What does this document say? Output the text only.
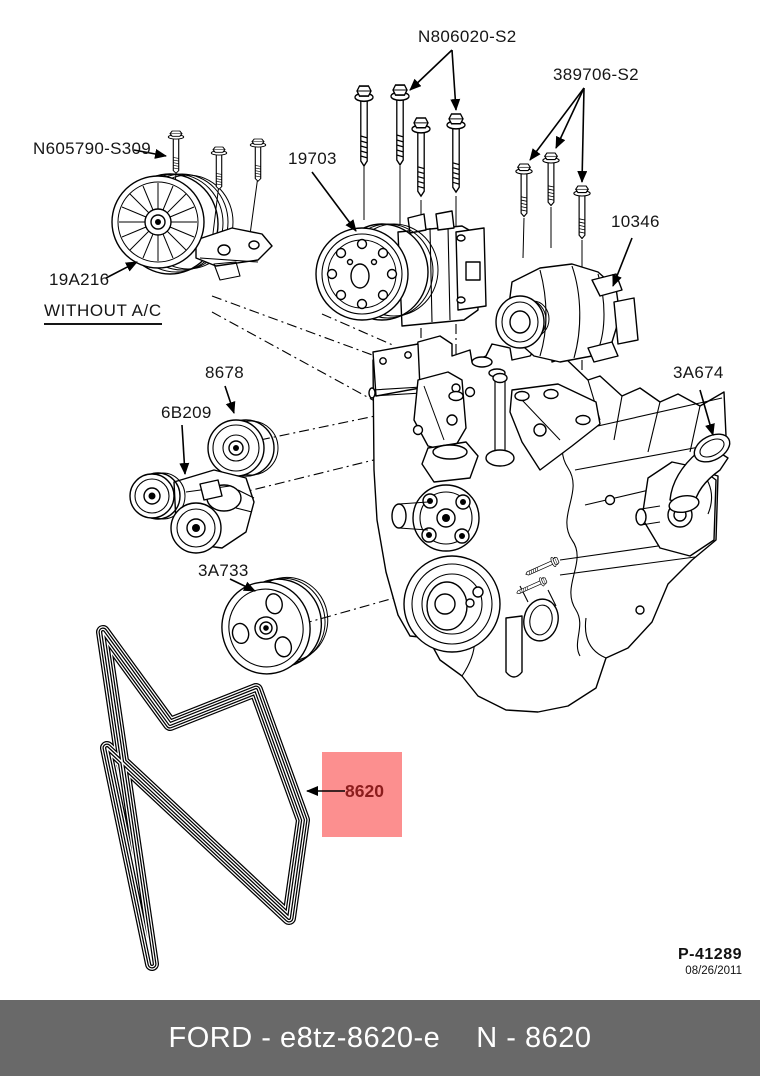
N806020-S2
389706-S2
N605790-S309
19703
10346
19A216
WITHOUT A/C
8678
6B209
3A674
3A733
8620
P-41289
08/26/2011
FORD - e8tz-8620-e N - 8620
